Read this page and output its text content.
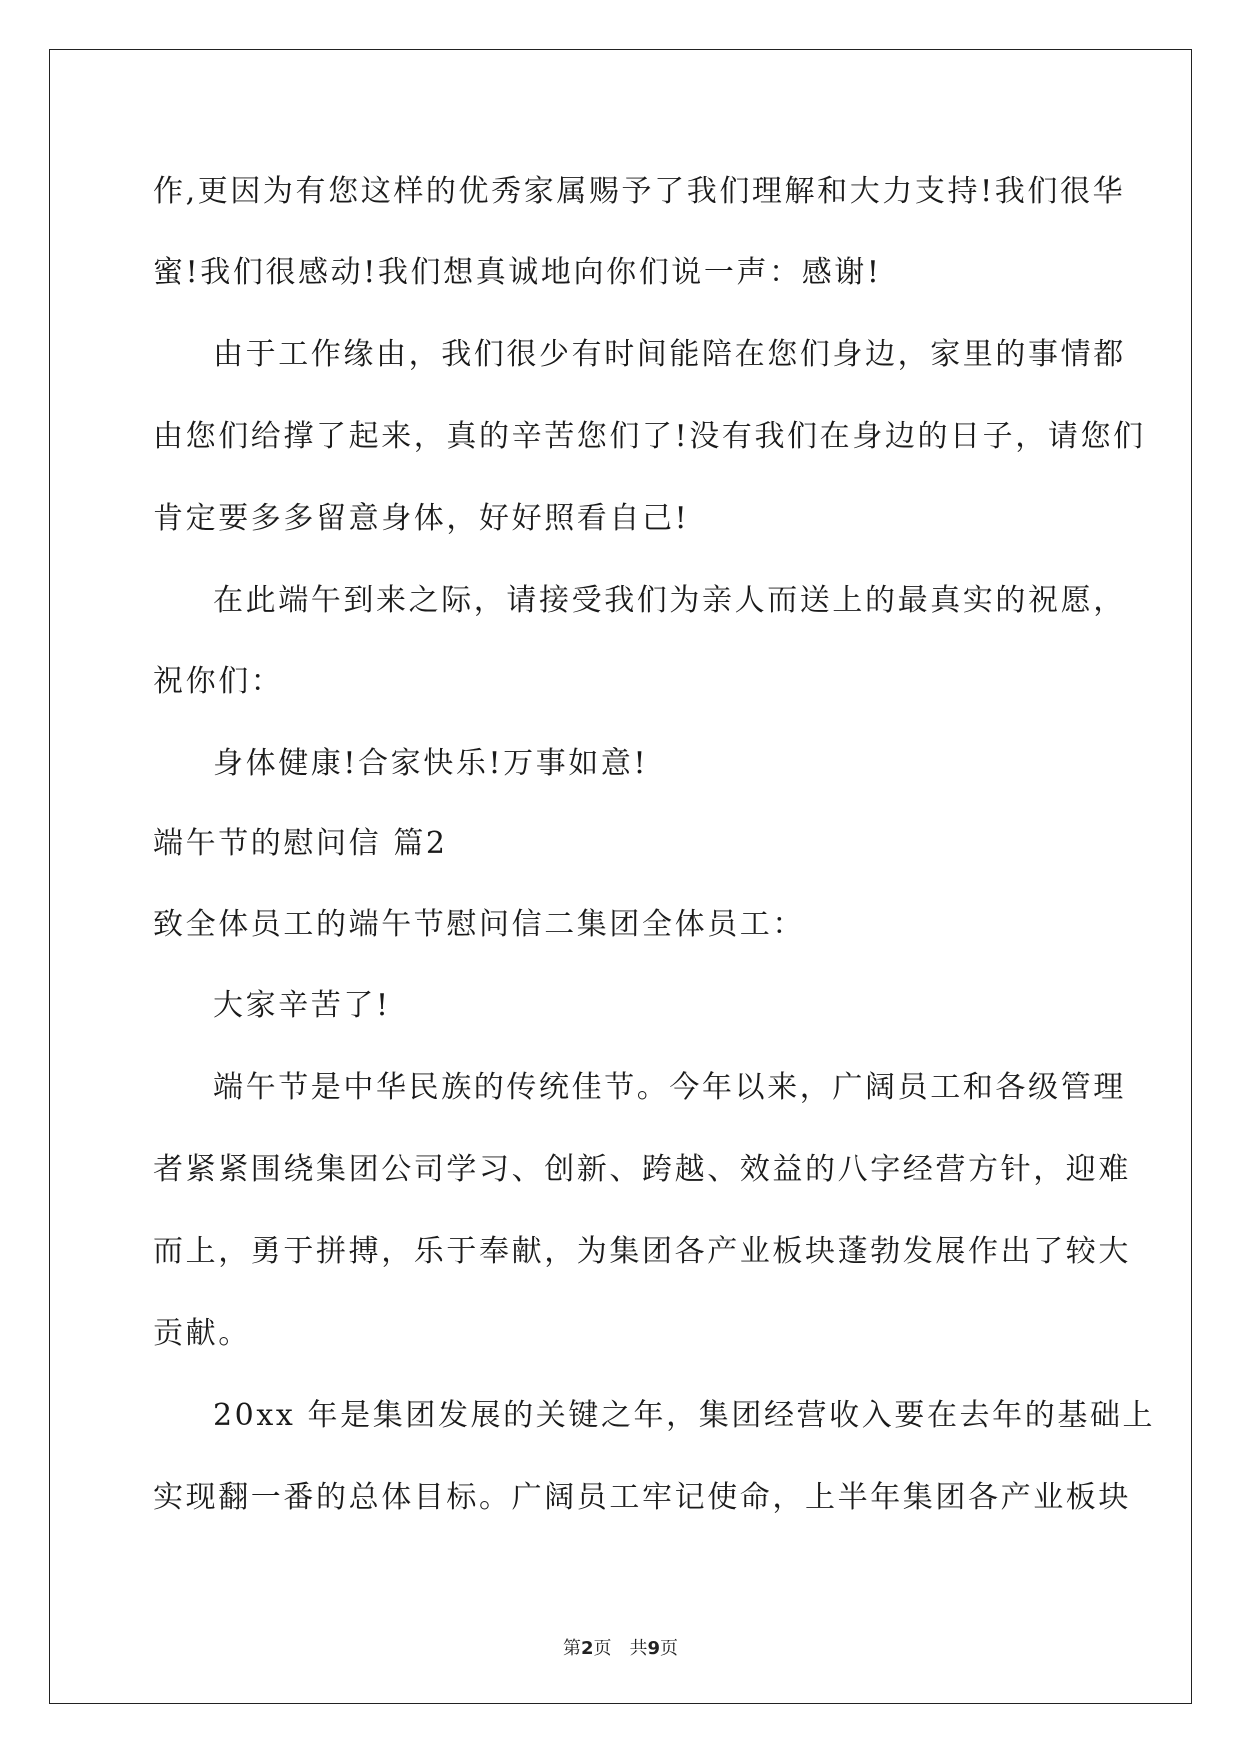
作,更因为有您这样的优秀家属赐予了我们理解和大力支持!我们很华
蜜!我们很感动!我们想真诚地向你们说一声：感谢!
由于工作缘由，我们很少有时间能陪在您们身边，家里的事情都
由您们给撑了起来，真的辛苦您们了!没有我们在身边的日子，请您们
肯定要多多留意身体，好好照看自己!
在此端午到来之际，请接受我们为亲人而送上的最真实的祝愿，
祝你们：
身体健康!合家快乐!万事如意!
端午节的慰问信 篇2
致全体员工的端午节慰问信二集团全体员工：
大家辛苦了!
端午节是中华民族的传统佳节。今年以来，广阔员工和各级管理
者紧紧围绕集团公司学习、创新、跨越、效益的八字经营方针，迎难
而上，勇于拼搏，乐于奉献，为集团各产业板块蓬勃发展作出了较大
贡献。
20xx 年是集团发展的关键之年，集团经营收入要在去年的基础上
实现翻一番的总体目标。广阔员工牢记使命，上半年集团各产业板块
第2页　共9页
